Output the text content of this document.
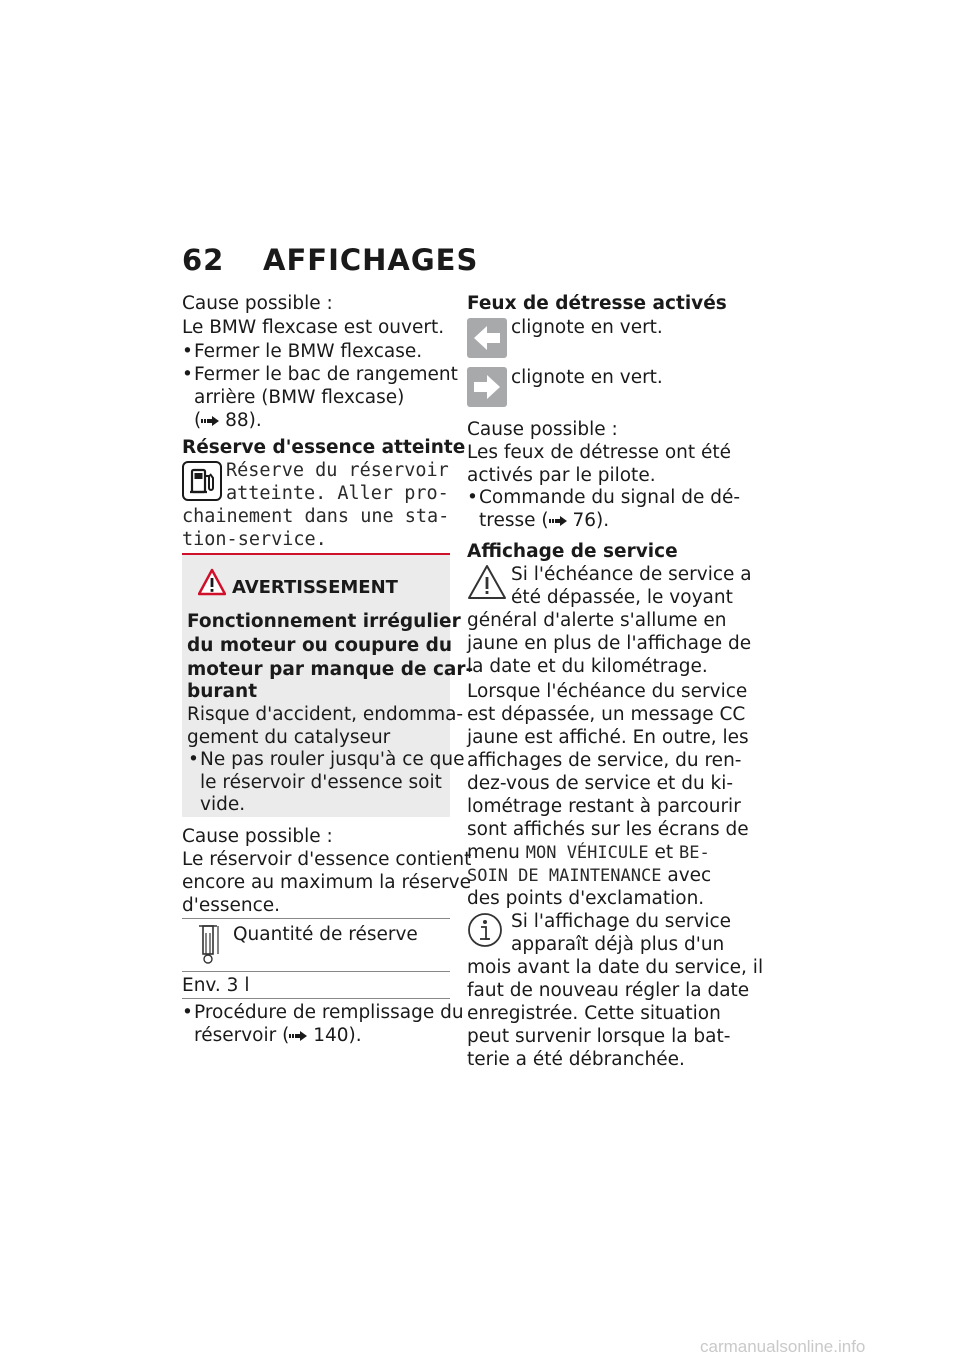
62 AFFICHAGES
Cause possible :
Le BMW flexcase est ouvert.
• Fermer le BMW flexcase.
• Fermer le bac de rangement
arrière (BMW flexcase)
( 88).
Réserve d'essence atteinte
Réserve du réservoir
atteinte. Aller pro-
chainement dans une sta-
tion-service.
AVERTISSEMENT
Fonctionnement irrégulier
du moteur ou coupure du
moteur par manque de car-
burant
Risque d'accident, endomma-
gement du catalyseur
• Ne pas rouler jusqu'à ce que
le réservoir d'essence soit
vide.
Cause possible :
Le réservoir d'essence contient
encore au maximum la réserve
d'essence.
Quantité de réserve
Env. 3 l
• Procédure de remplissage du
réservoir ( 140).
Feux de détresse activés
clignote en vert.
clignote en vert.
Cause possible :
Les feux de détresse ont été
activés par le pilote.
• Commande du signal de dé-
tresse ( 76).
Affichage de service
Si l'échéance de service a
été dépassée, le voyant
général d'alerte s'allume en
jaune en plus de l'affichage de
la date et du kilométrage.
Lorsque l'échéance du service
est dépassée, un message CC
jaune est affiché. En outre, les
affichages de service, du ren-
dez-vous de service et du ki-
lométrage restant à parcourir
sont affichés sur les écrans de
menu MON VÉHICULE et BE-
SOIN DE MAINTENANCE avec
des points d'exclamation.
Si l'affichage du service
apparaît déjà plus d'un
mois avant la date du service, il
faut de nouveau régler la date
enregistrée. Cette situation
peut survenir lorsque la bat-
terie a été débranchée.
carmanualsonline.info
